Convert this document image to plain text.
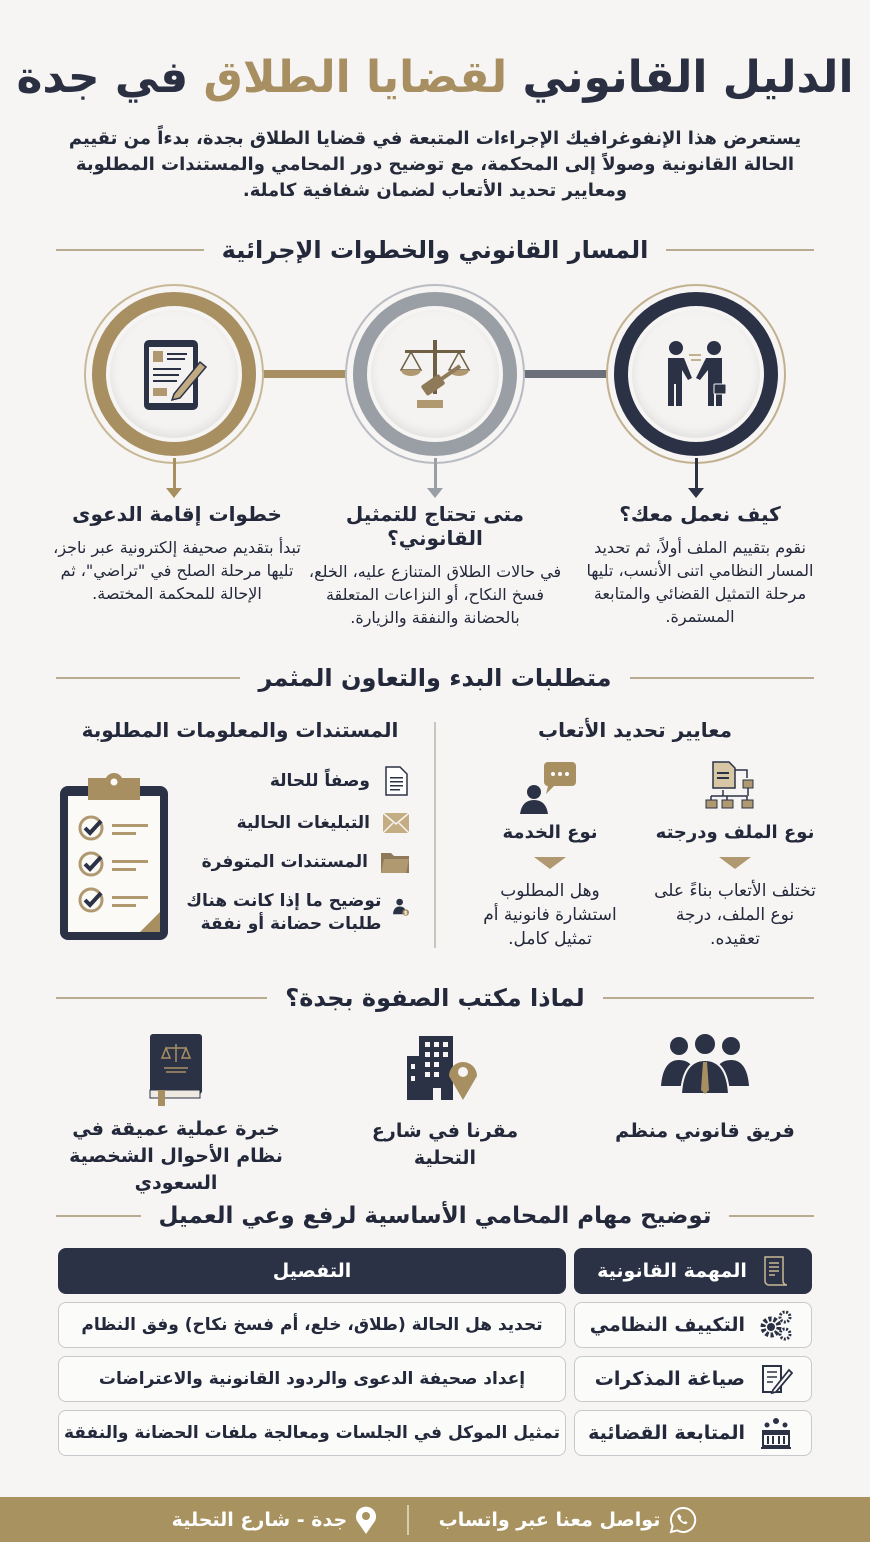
الدليل القانوني لقضايا الطلاق في جدة
يستعرض هذا الإنفوغرافيك الإجراءات المتبعة في قضايا الطلاق بجدة، بدءاً من تقييم الحالة القانونية وصولاً إلى المحكمة، مع توضيح دور المحامي والمستندات المطلوبة ومعايير تحديد الأتعاب لضمان شفافية كاملة.
المسار القانوني والخطوات الإجرائية
كيف نعمل معك؟
نقوم بتقييم الملف أولاً، ثم تحديد المسار النظامي اتنى الأنسب، تليها مرحلة التمثيل القضائي والمتابعة المستمرة.
متى تحتاج للتمثيل القانوني؟
في حالات الطلاق المتنازع عليه، الخلع، فسخ النكاح، أو النزاعات المتعلقة بالحضانة والنفقة والزيارة.
خطوات إقامة الدعوى
تبدأ بتقديم صحيفة إلكترونية عبر ناجز، تليها مرحلة الصلح في "تراضي"، ثم الإحالة للمحكمة المختصة.
متطلبات البدء والتعاون المثمر
معايير تحديد الأتعاب
المستندات والمعلومات المطلوبة
نوع الملف ودرجته
تختلف الأتعاب بناءً على نوع الملف، درجة تعقيده.
نوع الخدمة
وهل المطلوب استشارة فانونية أم تمثيل كامل.
وصفاً للحالة
التبليغات الحالية
المستندات المتوفرة
$
توضيح ما إذا كانت هناك طلبات حضانة أو نفقة
لماذا مكتب الصفوة بجدة؟
فريق قانوني منظم
مقرنا في شارع التحلية
خبرة عملية عميقة في نظام الأحوال الشخصية السعودي
توضيح مهام المحامي الأساسية لرفع وعي العميل
المهمة القانونية
التفصيل
التكييف النظامي
تحديد هل الحالة (طلاق، خلع، أم فسخ نكاح) وفق النظام
صياغة المذكرات
إعداد صحيفة الدعوى والردود القانونية والاعتراضات
المتابعة القضائية
تمثيل الموكل في الجلسات ومعالجة ملفات الحضانة والنفقة
تواصل معنا عبر واتساب
جدة - شارع التحلية
